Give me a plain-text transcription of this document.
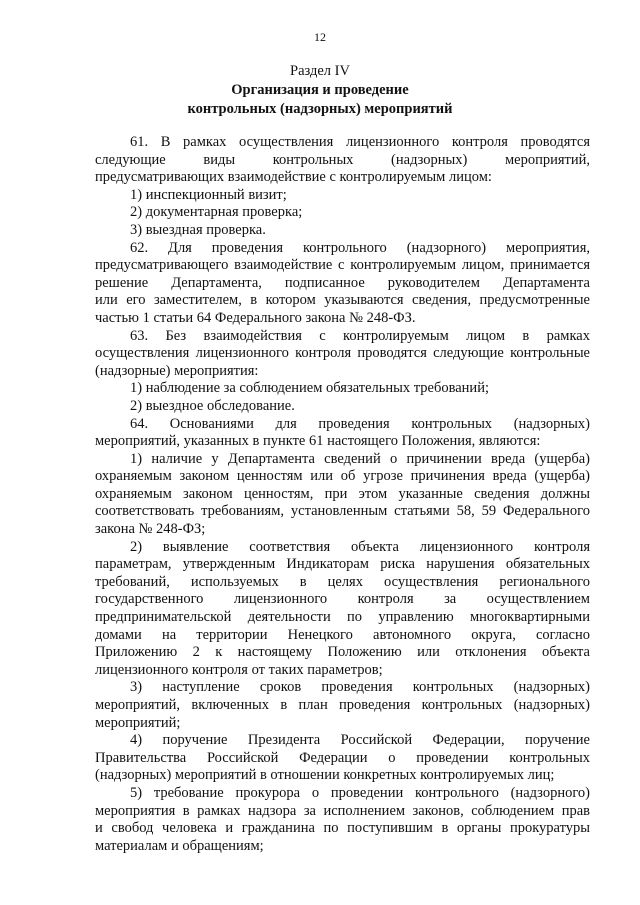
12
Раздел IV
Организация и проведение
контрольных (надзорных) мероприятий
61. В рамках осуществления лицензионного контроля проводятся
следующие виды контрольных (надзорных) мероприятий,
предусматривающих взаимодействие с контролируемым лицом:
1) инспекционный визит;
2) документарная проверка;
3) выездная проверка.
62. Для проведения контрольного (надзорного) мероприятия,
предусматривающего взаимодействие с контролируемым лицом, принимается
решение Департамента, подписанное руководителем Департамента
или его заместителем, в котором указываются сведения, предусмотренные
частью 1 статьи 64 Федерального закона № 248-ФЗ.
63. Без взаимодействия с контролируемым лицом в рамках
осуществления лицензионного контроля проводятся следующие контрольные
(надзорные) мероприятия:
1) наблюдение за соблюдением обязательных требований;
2) выездное обследование.
64. Основаниями для проведения контрольных (надзорных)
мероприятий, указанных в пункте 61 настоящего Положения, являются:
1) наличие у Департамента сведений о причинении вреда (ущерба)
охраняемым законом ценностям или об угрозе причинения вреда (ущерба)
охраняемым законом ценностям, при этом указанные сведения должны
соответствовать требованиям, установленным статьями 58, 59 Федерального
закона № 248-ФЗ;
2) выявление соответствия объекта лицензионного контроля
параметрам, утвержденным Индикаторам риска нарушения обязательных
требований, используемых в целях осуществления регионального
государственного лицензионного контроля за осуществлением
предпринимательской деятельности по управлению многоквартирными
домами на территории Ненецкого автономного округа, согласно
Приложению 2 к настоящему Положению или отклонения объекта
лицензионного контроля от таких параметров;
3) наступление сроков проведения контрольных (надзорных)
мероприятий, включенных в план проведения контрольных (надзорных)
мероприятий;
4) поручение Президента Российской Федерации, поручение
Правительства Российской Федерации о проведении контрольных
(надзорных) мероприятий в отношении конкретных контролируемых лиц;
5) требование прокурора о проведении контрольного (надзорного)
мероприятия в рамках надзора за исполнением законов, соблюдением прав
и свобод человека и гражданина по поступившим в органы прокуратуры
материалам и обращениям;
